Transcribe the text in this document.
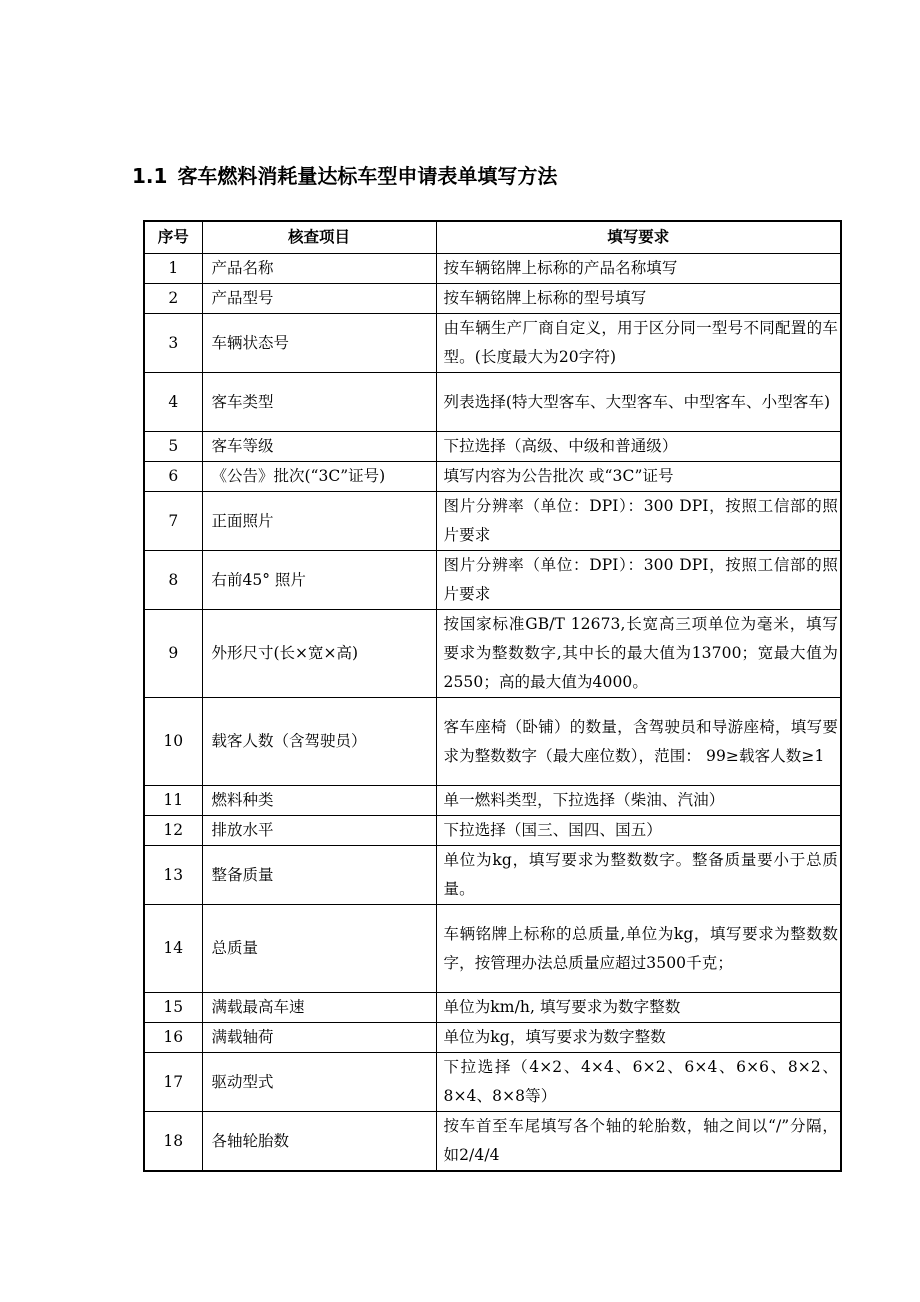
1.1 客车燃料消耗量达标车型申请表单填写方法
序号	核查项目	填写要求
1	产品名称	按车辆铭牌上标称的产品名称填写
2	产品型号	按车辆铭牌上标称的型号填写
3	车辆状态号	由车辆生产厂商自定义，用于区分同一型号不同配置的车型。(长度最大为20字符)
4	客车类型	列表选择(特大型客车、大型客车、中型客车、小型客车)
5	客车等级	下拉选择（高级、中级和普通级）
6	《公告》批次(“3C”证号)	填写内容为公告批次 或“3C”证号
7	正面照片	图片分辨率（单位：DPI）：300 DPI，按照工信部的照片要求
8	右前45° 照片	图片分辨率（单位：DPI）：300 DPI，按照工信部的照片要求
9	外形尺寸(长×宽×高)	按国家标准GB/T 12673,长宽高三项单位为毫米，填写要求为整数数字,其中长的最大值为13700；宽最大值为2550；高的最大值为4000。
10	载客人数（含驾驶员）	客车座椅（卧铺）的数量，含驾驶员和导游座椅，填写要求为整数数字（最大座位数），范围： 99≥载客人数≥1
11	燃料种类	单一燃料类型，下拉选择（柴油、汽油）
12	排放水平	下拉选择（国三、国四、国五）
13	整备质量	单位为kg，填写要求为整数数字。整备质量要小于总质量。
14	总质量	车辆铭牌上标称的总质量,单位为kg，填写要求为整数数字，按管理办法总质量应超过3500千克；
15	满载最高车速	单位为km/h, 填写要求为数字整数
16	满载轴荷	单位为kg，填写要求为数字整数
17	驱动型式	下拉选择（4×2、4×4、6×2、6×4、6×6、8×2、8×4、8×8等）
18	各轴轮胎数	按车首至车尾填写各个轴的轮胎数，轴之间以“/”分隔，如2/4/4
